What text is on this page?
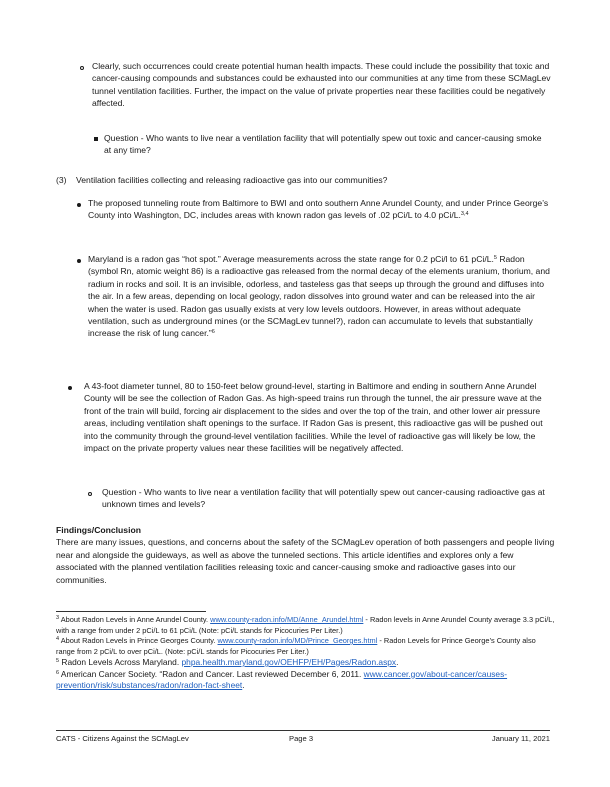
Clearly, such occurrences could create potential human health impacts. These could include the possibility that toxic and cancer-causing compounds and substances could be exhausted into our communities at any time from these SCMagLev tunnel ventilation facilities. Further, the impact on the value of private properties near these facilities could be negatively affected.

Question - Who wants to live near a ventilation facility that will potentially spew out toxic and cancer-causing smoke at any time?

(3) Ventilation facilities collecting and releasing radioactive gas into our communities?

The proposed tunneling route from Baltimore to BWI and onto southern Anne Arundel County, and under Prince George’s County into Washington, DC, includes areas with known radon gas levels of .02 pCi/L to 4.0 pCi/L.$^{3,4}$

Maryland is a radon gas “hot spot.” Average measurements across the state range for 0.2 pCi/l to 61 pCi/L.$^5$ Radon (symbol Rn, atomic weight 86) is a radioactive gas released from the normal decay of the elements uranium, thorium, and radium in rocks and soil. It is an invisible, odorless, and tasteless gas that seeps up through the ground and diffuses into the air. In a few areas, depending on local geology, radon dissolves into ground water and can be released into the air when the water is used. Radon gas usually exists at very low levels outdoors. However, in areas without adequate ventilation, such as underground mines (or the SCMagLev tunnel?), radon can accumulate to levels that substantially increase the risk of lung cancer.”$^6$

A 43-foot diameter tunnel, 80 to 150-feet below ground-level, starting in Baltimore and ending in southern Anne Arundel County will be see the collection of Radon Gas. As high-speed trains run through the tunnel, the air pressure wave at the front of the train will build, forcing air displacement to the sides and over the top of the train, and other lower air pressure areas, including ventilation shaft openings to the surface. If Radon Gas is present, this radioactive gas will be pushed out into the community through the ground-level ventilation facilities. While the level of radioactive gas will likely be low, the impact on the private property values near these facilities will be negatively affected.

Question - Who wants to live near a ventilation facility that will potentially spew out cancer-causing radioactive gas at unknown times and levels?

Findings/Conclusion

There are many issues, questions, and concerns about the safety of the SCMagLev operation of both passengers and people living near and alongside the guideways, as well as above the tunneled sections. This article identifies and explores only a few associated with the planned ventilation facilities releasing toxic and cancer-causing smoke and radioactive gases into our communities.

$^3$ About Radon Levels in Anne Arundel County. www.county-radon.info/MD/Anne_Arundel.html - Radon levels in Anne Arundel County average 3.3 pCi/L, with a range from under 2 pCi/L to 61 pCi/L (Note: pCi/L stands for Picocuries Per Liter.)

$^4$ About Radon Levels in Prince Georges County. www.county-radon.info/MD/Prince_Georges.html - Radon Levels for Prince George’s County also range from 2 pCi/L to over pCi/L. (Note: pCi/L stands for Picocuries Per Liter.)

$^5$ Radon Levels Across Maryland. phpa.health.maryland.gov/OEHFP/EH/Pages/Radon.aspx.

$^6$ American Cancer Society. “Radon and Cancer. Last reviewed December 6, 2011. www.cancer.gov/about-cancer/causes-prevention/risk/substances/radon/radon-fact-sheet.

CATS - Citizens Against the SCMagLev	Page 3	January 11, 2021
